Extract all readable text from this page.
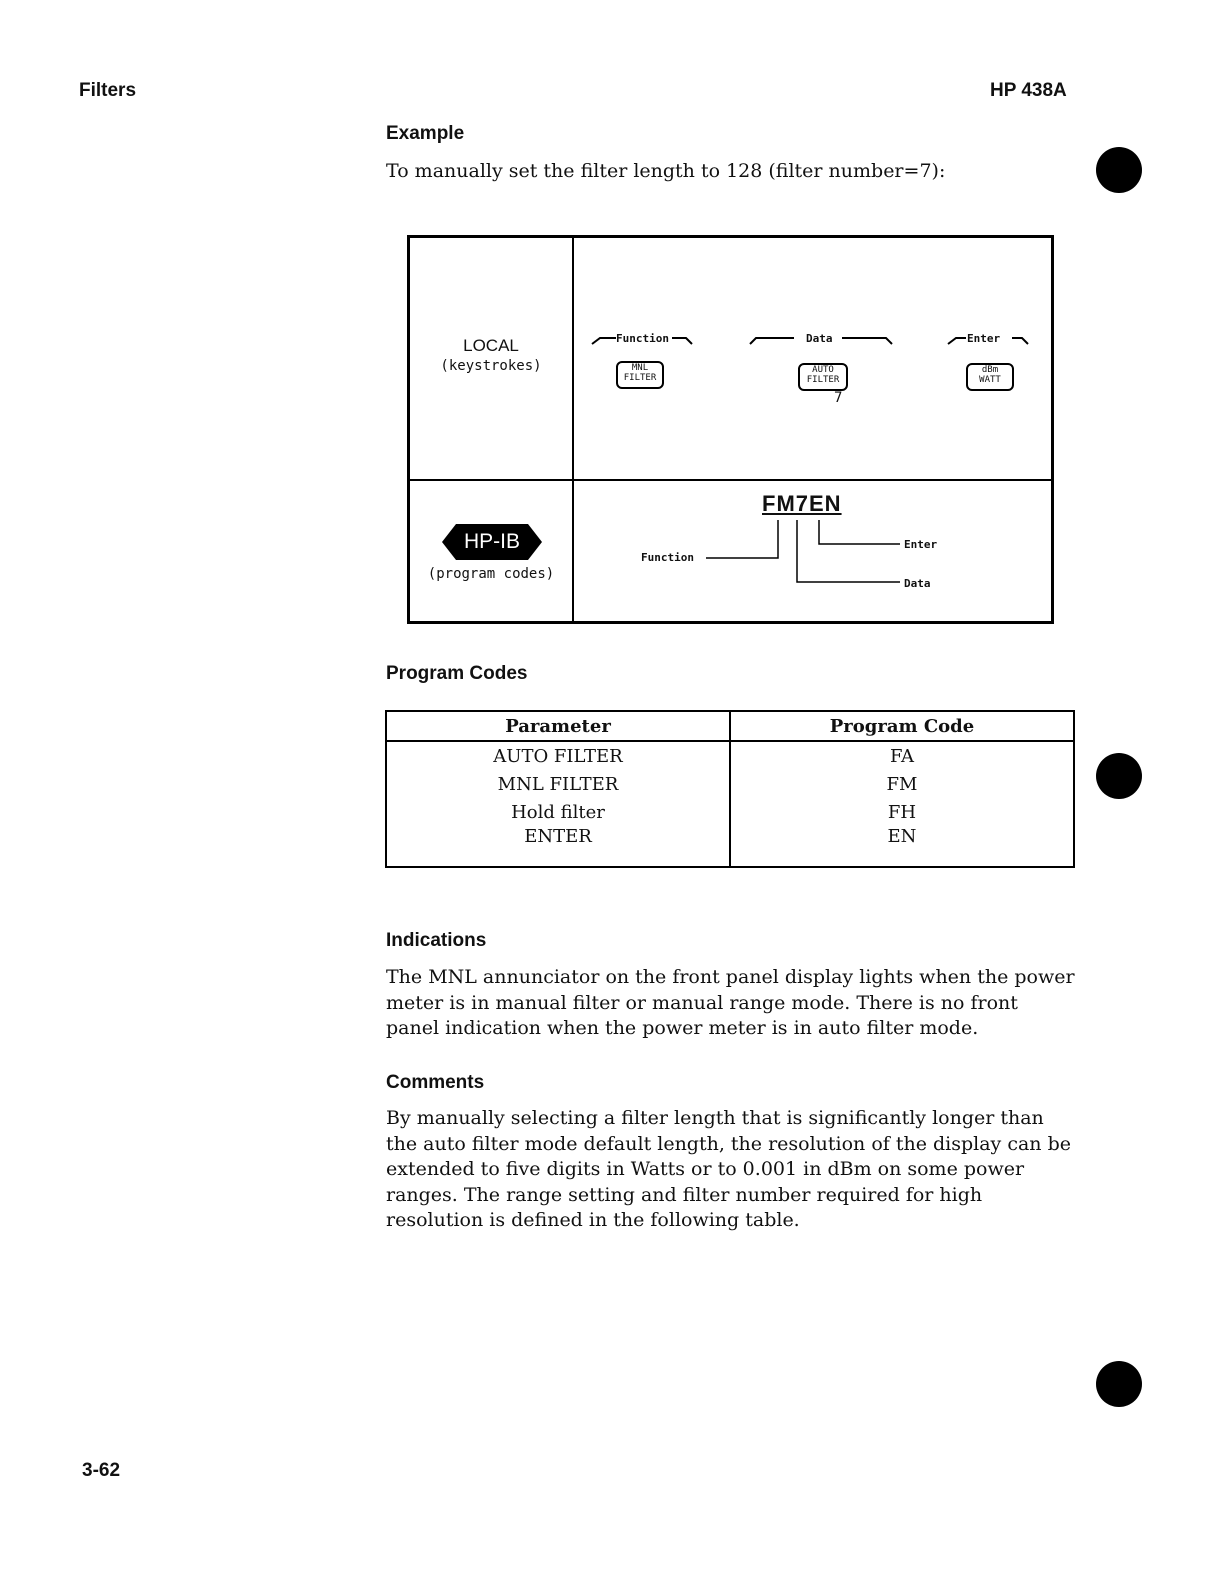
Filters	HP 438A
Example
To manually set the filter length to 128 (filter number=7):
LOCAL
(keystrokes)
Function
MNL
FILTER
Data
AUTO
FILTER
7
Enter
dBm
WATT
HP-IB
(program codes)
FM7EN
Function
Enter
Data
Program Codes
Parameter	Program Code
AUTO FILTER	FA
MNL FILTER	FM
Hold filter	FH
ENTER	EN
Indications
The MNL annunciator on the front panel display lights when the power meter is in manual filter or manual range mode. There is no front panel indication when the power meter is in auto filter mode.
Comments
By manually selecting a filter length that is significantly longer than the auto filter mode default length, the resolution of the display can be extended to five digits in Watts or to 0.001 in dBm on some power ranges. The range setting and filter number required for high resolution is defined in the following table.
3-62
